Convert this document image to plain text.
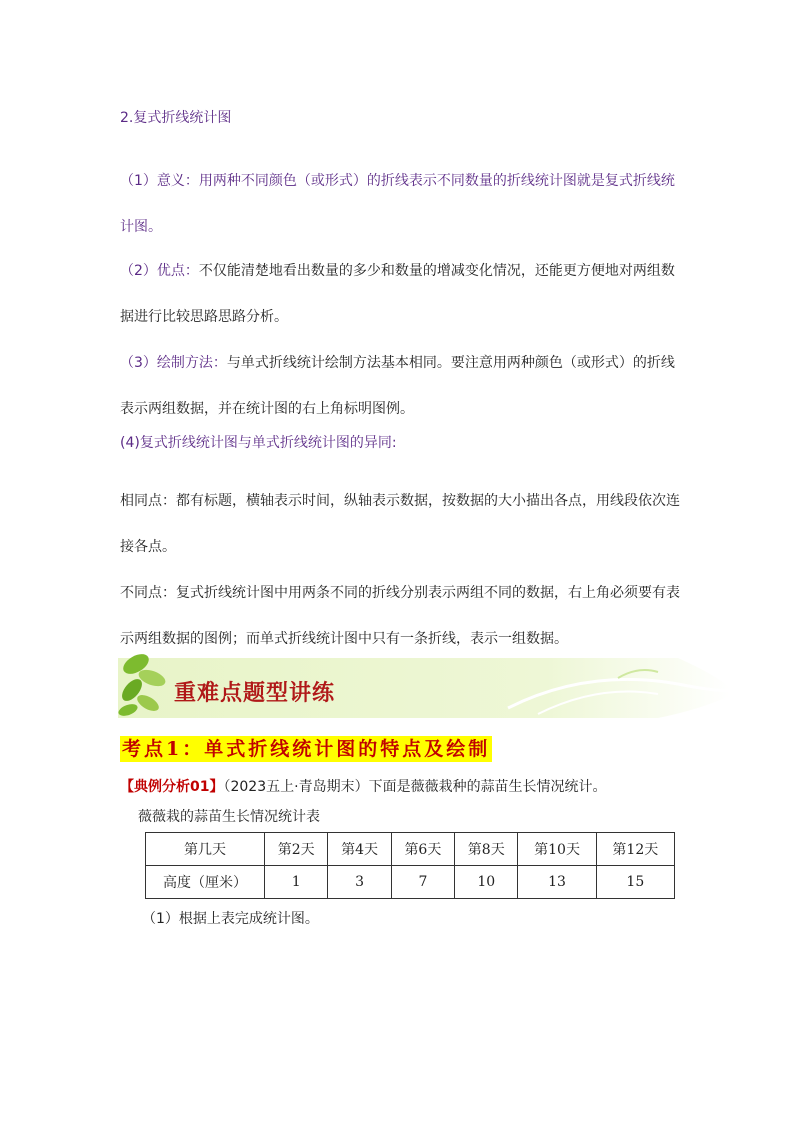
2.复式折线统计图

（1）意义：用两种不同颜色（或形式）的折线表示不同数量的折线统计图就是复式折线统计图。

（2）优点：不仅能清楚地看出数量的多少和数量的增减变化情况，还能更方便地对两组数据进行比较思路思路分析。

（3）绘制方法：与单式折线统计绘制方法基本相同。要注意用两种颜色（或形式）的折线表示两组数据，并在统计图的右上角标明图例。

(4)复式折线统计图与单式折线统计图的异同:

相同点：都有标题，横轴表示时间，纵轴表示数据，按数据的大小描出各点，用线段依次连接各点。

不同点：复式折线统计图中用两条不同的折线分别表示两组不同的数据，右上角必须要有表示两组数据的图例；而单式折线统计图中只有一条折线，表示一组数据。

重难点题型讲练
考点1：单式折线统计图的特点及绘制
【典例分析01】（2023五上·青岛期末）下面是薇薇栽种的蒜苗生长情况统计。
薇薇栽的蒜苗生长情况统计表
第几天	第2天	第4天	第6天	第8天	第10天	第12天
高度（厘米）	1	3	7	10	13	15
（1）根据上表完成统计图。
